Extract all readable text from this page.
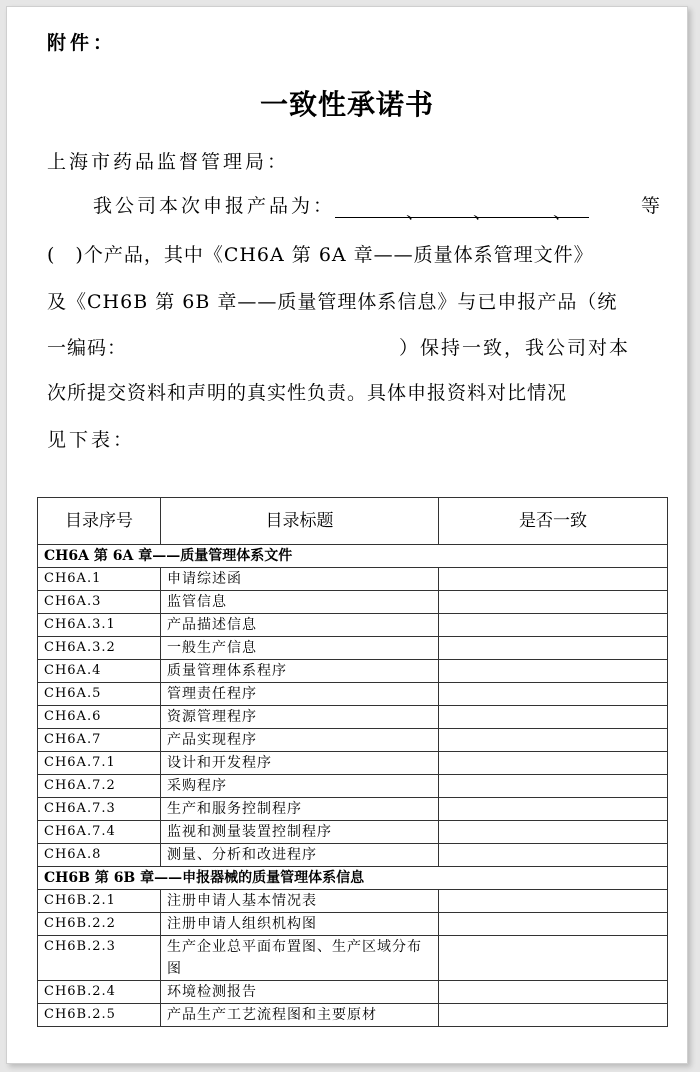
附件：
一致性承诺书
上海市药品监督管理局：
我公司本次申报产品为：	、 、	、	等
(　)个产品，其中《CH6A 第 6A 章——质量体系管理文件》
及《CH6B 第 6B 章——质量管理体系信息》与已申报产品（统
一编码：	）保持一致，我公司对本
次所提交资料和声明的真实性负责。具体申报资料对比情况
见下表：
目录序号	目录标题	是否一致
CH6A 第 6A 章——质量管理体系文件		
CH6A.1	申请综述函	
CH6A.3	监管信息	
CH6A.3.1	产品描述信息	
CH6A.3.2	一般生产信息	
CH6A.4	质量管理体系程序	
CH6A.5	管理责任程序	
CH6A.6	资源管理程序	
CH6A.7	产品实现程序	
CH6A.7.1	设计和开发程序	
CH6A.7.2	采购程序	
CH6A.7.3	生产和服务控制程序	
CH6A.7.4	监视和测量装置控制程序	
CH6A.8	测量、分析和改进程序	
CH6B 第 6B 章——申报器械的质量管理体系信息		
CH6B.2.1	注册申请人基本情况表	
CH6B.2.2	注册申请人组织机构图	
CH6B.2.3	生产企业总平面布置图、生产区域分布图	
CH6B.2.4	环境检测报告	
CH6B.2.5	产品生产工艺流程图和主要原材	
